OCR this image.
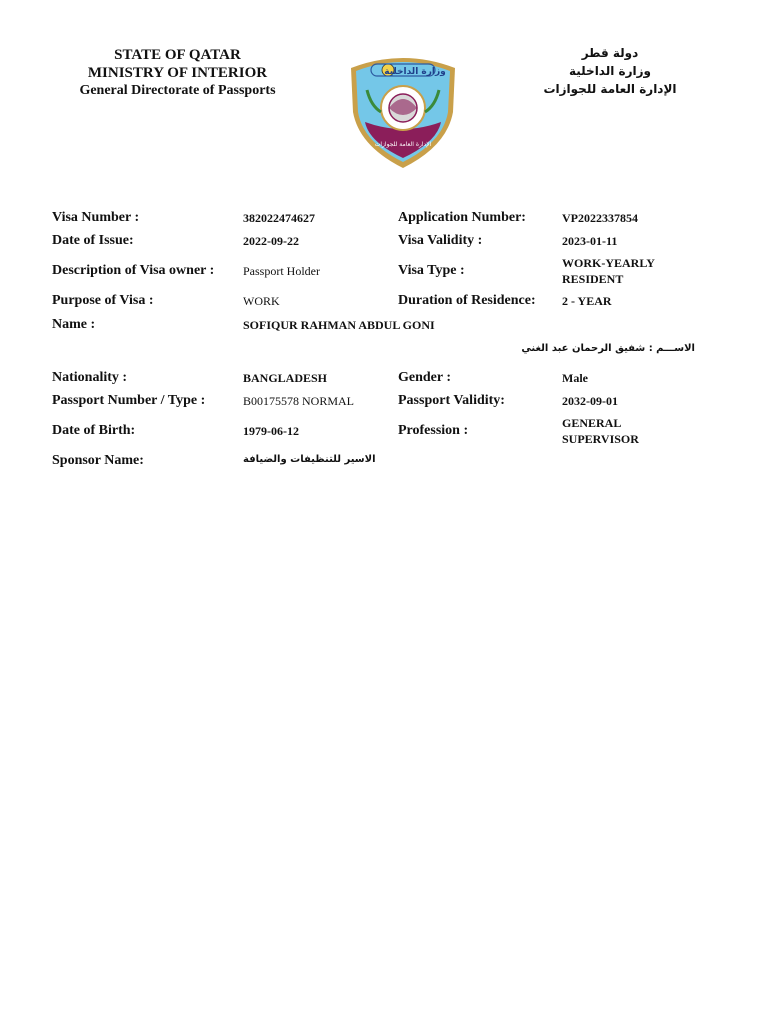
STATE OF QATAR
MINISTRY OF INTERIOR
General Directorate of Passports
وزارة الداخلية
الإدارة العامة للجوازات
دولة قطر
وزارة الداخلية
الإدارة العامة للجوازات
Visa Number :	382022474627	Application Number:	VP2022337854
Date of Issue:	2022-09-22	Visa Validity :	2023-01-11
Description of Visa owner : Passport Holder	Visa Type :	WORK-YEARLY
RESIDENT
Purpose of Visa :	WORK	Duration of Residence: 2 - YEAR
Name :	SOFIQUR RAHMAN ABDUL GONI
الاســـم : شفيق الرحمان عبد الغني
Nationality :	BANGLADESH	Gender :	Male
Passport Number / Type :	B00175578 NORMAL	Passport Validity:	2032-09-01
Date of Birth:	1979-06-12	Profession :	GENERAL
SUPERVISOR
Sponsor Name:	الاسير للتنظيفات والضيافة
